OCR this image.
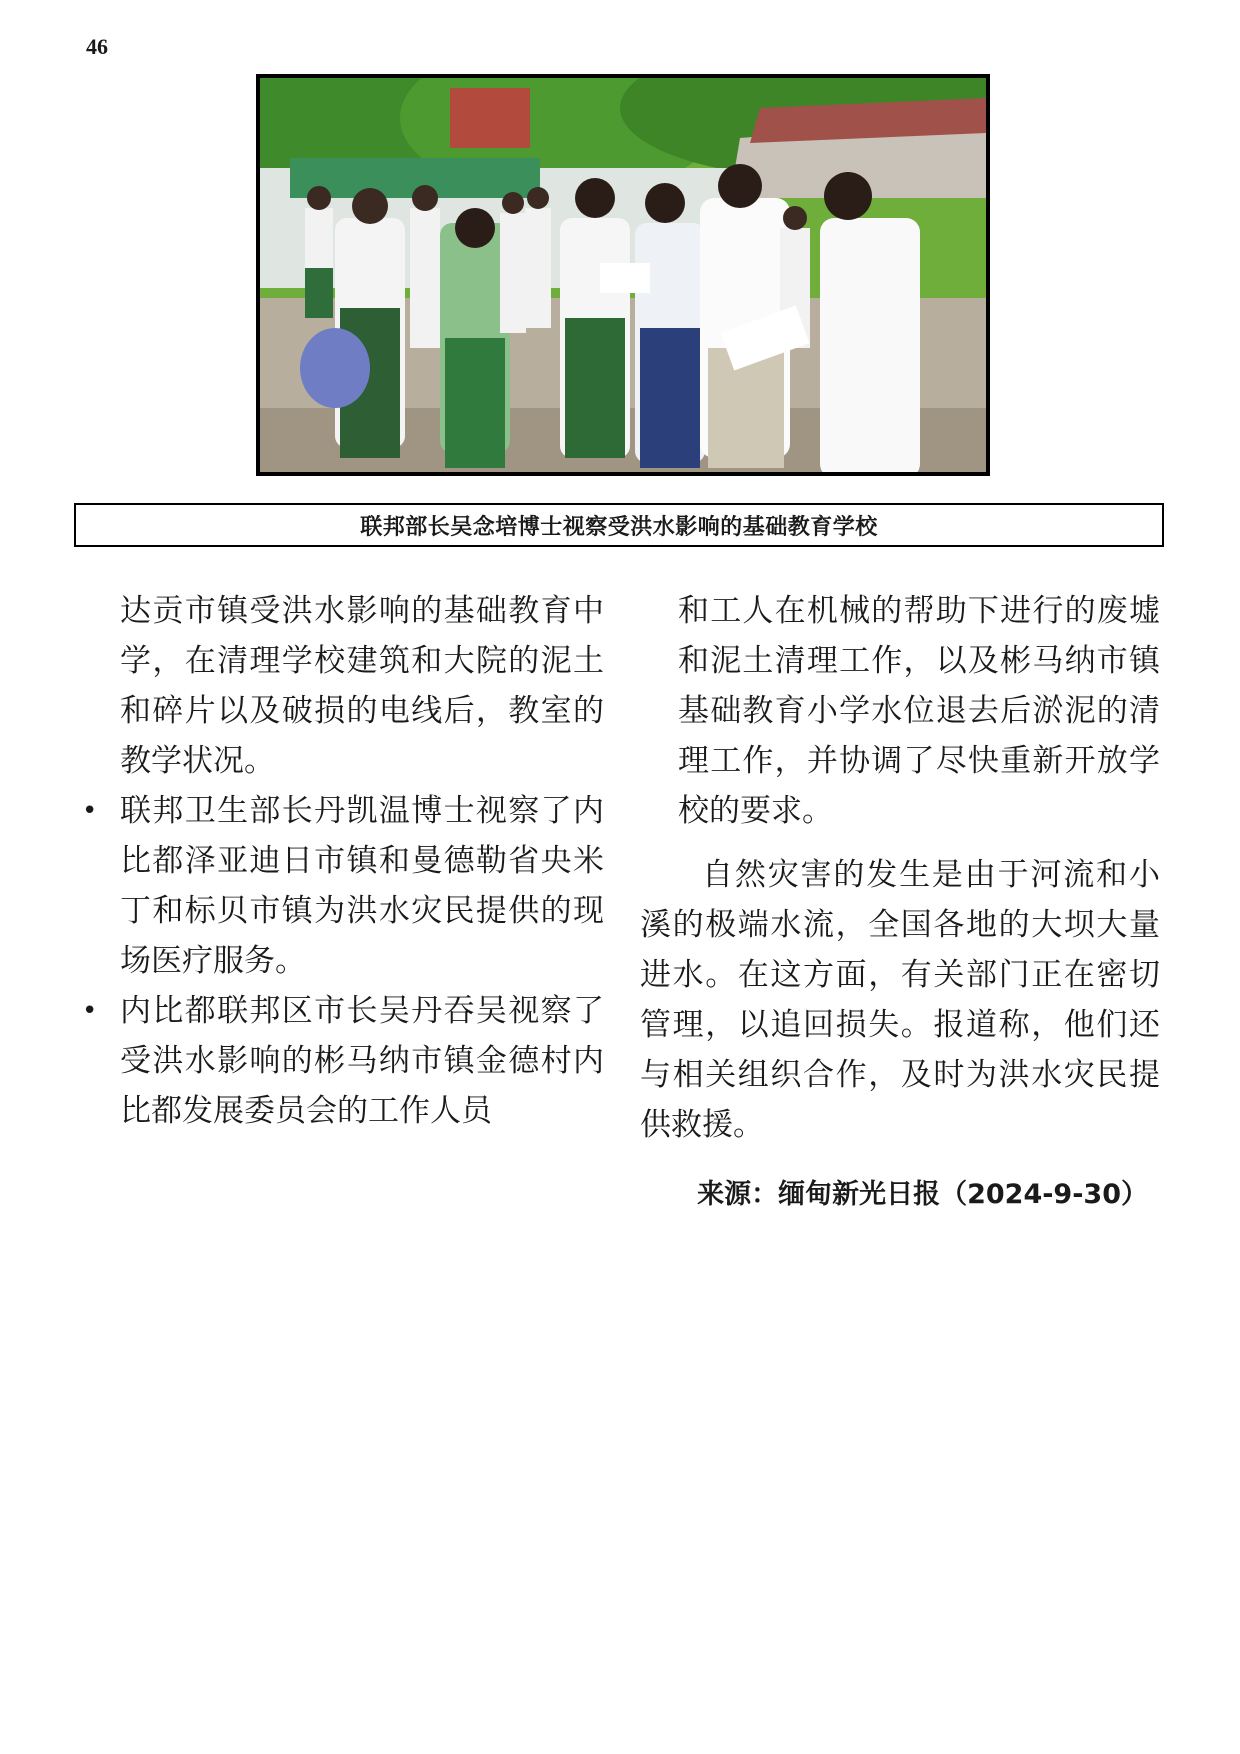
46
联邦部长吴念培博士视察受洪水影响的基础教育学校

达贡市镇受洪水影响的基础教育中学，在清理学校建筑和大院的泥土和碎片以及破损的电线后，教室的教学状况。

• 联邦卫生部长丹凯温博士视察了内比都泽亚迪日市镇和曼德勒省央米丁和标贝市镇为洪水灾民提供的现场医疗服务。

• 内比都联邦区市长吴丹吞吴视察了受洪水影响的彬马纳市镇金德村内比都发展委员会的工作人员

和工人在机械的帮助下进行的废墟和泥土清理工作，以及彬马纳市镇基础教育小学水位退去后淤泥的清理工作，并协调了尽快重新开放学校的要求。

自然灾害的发生是由于河流和小溪的极端水流，全国各地的大坝大量进水。在这方面，有关部门正在密切管理，以追回损失。报道称，他们还与相关组织合作，及时为洪水灾民提供救援。

来源：缅甸新光日报（2024-9-30）
